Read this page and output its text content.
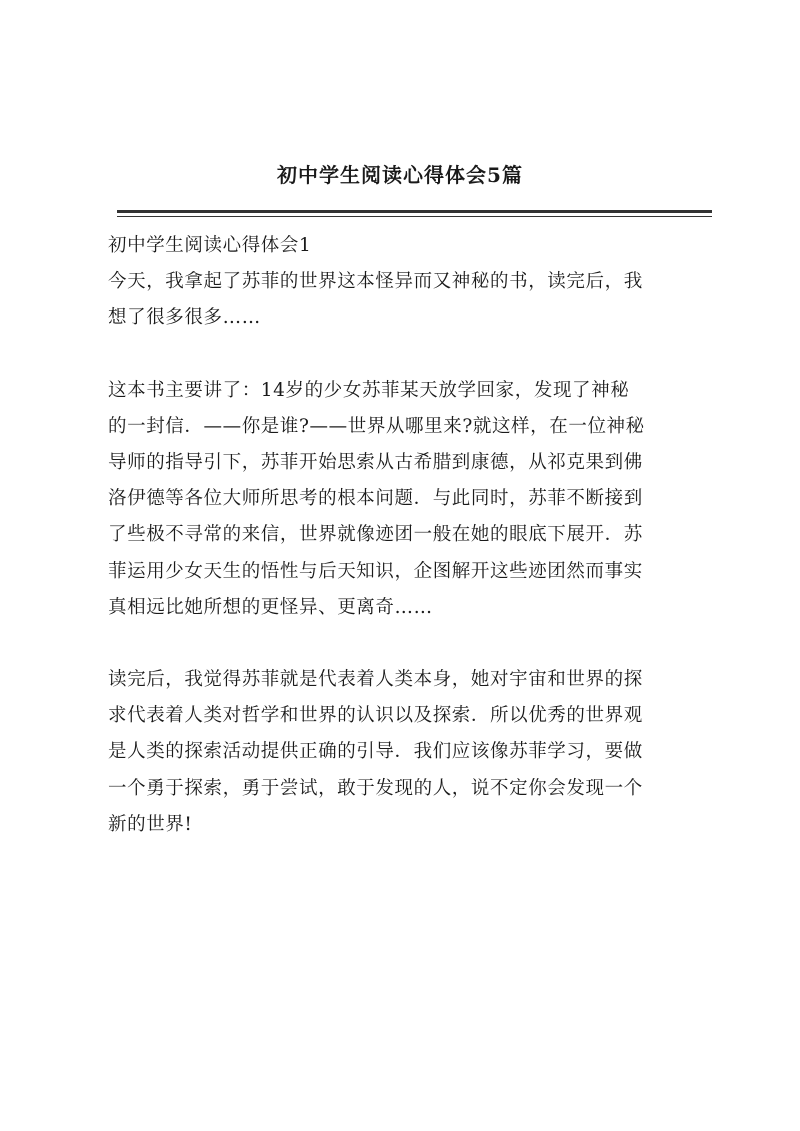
初中学生阅读心得体会5篇
初中学生阅读心得体会1

今天，我拿起了苏菲的世界这本怪异而又神秘的书，读完后，我
想了很多很多……

这本书主要讲了：14岁的少女苏菲某天放学回家，发现了神秘
的一封信．——你是谁?——世界从哪里来?就这样，在一位神秘
导师的指导引下，苏菲开始思索从古希腊到康德，从祁克果到佛
洛伊德等各位大师所思考的根本问题．与此同时，苏菲不断接到
了些极不寻常的来信，世界就像迹团一般在她的眼底下展开．苏
菲运用少女天生的悟性与后天知识，企图解开这些迹团然而事实
真相远比她所想的更怪异、更离奇……

读完后，我觉得苏菲就是代表着人类本身，她对宇宙和世界的探
求代表着人类对哲学和世界的认识以及探索．所以优秀的世界观
是人类的探索活动提供正确的引导．我们应该像苏菲学习，要做
一个勇于探索，勇于尝试，敢于发现的人，说不定你会发现一个
新的世界!
